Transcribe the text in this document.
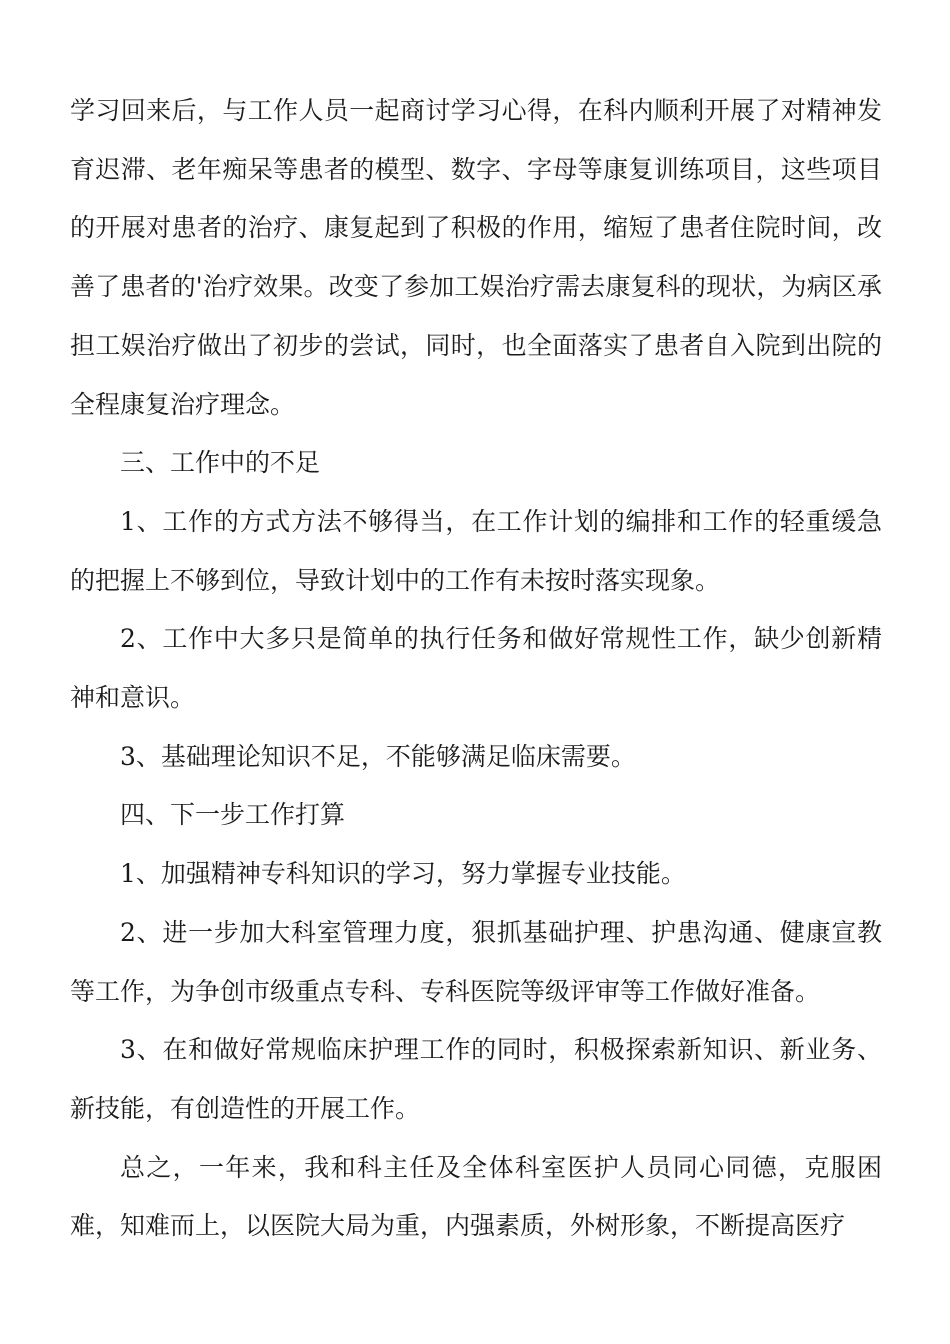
学习回来后，与工作人员一起商讨学习心得，在科内顺利开展了对精神发育迟滞、老年痴呆等患者的模型、数字、字母等康复训练项目，这些项目的开展对患者的治疗、康复起到了积极的作用，缩短了患者住院时间，改善了患者的'治疗效果。改变了参加工娱治疗需去康复科的现状，为病区承担工娱治疗做出了初步的尝试，同时，也全面落实了患者自入院到出院的全程康复治疗理念。

三、工作中的不足

1、工作的方式方法不够得当，在工作计划的编排和工作的轻重缓急的把握上不够到位，导致计划中的工作有未按时落实现象。

2、工作中大多只是简单的执行任务和做好常规性工作，缺少创新精神和意识。

3、基础理论知识不足，不能够满足临床需要。

四、下一步工作打算

1、加强精神专科知识的学习，努力掌握专业技能。

2、进一步加大科室管理力度，狠抓基础护理、护患沟通、健康宣教等工作，为争创市级重点专科、专科医院等级评审等工作做好准备。

3、在和做好常规临床护理工作的同时，积极探索新知识、新业务、新技能，有创造性的开展工作。

总之，一年来，我和科主任及全体科室医护人员同心同德，克服困难，知难而上，以医院大局为重，内强素质，外树形象，不断提高医疗
